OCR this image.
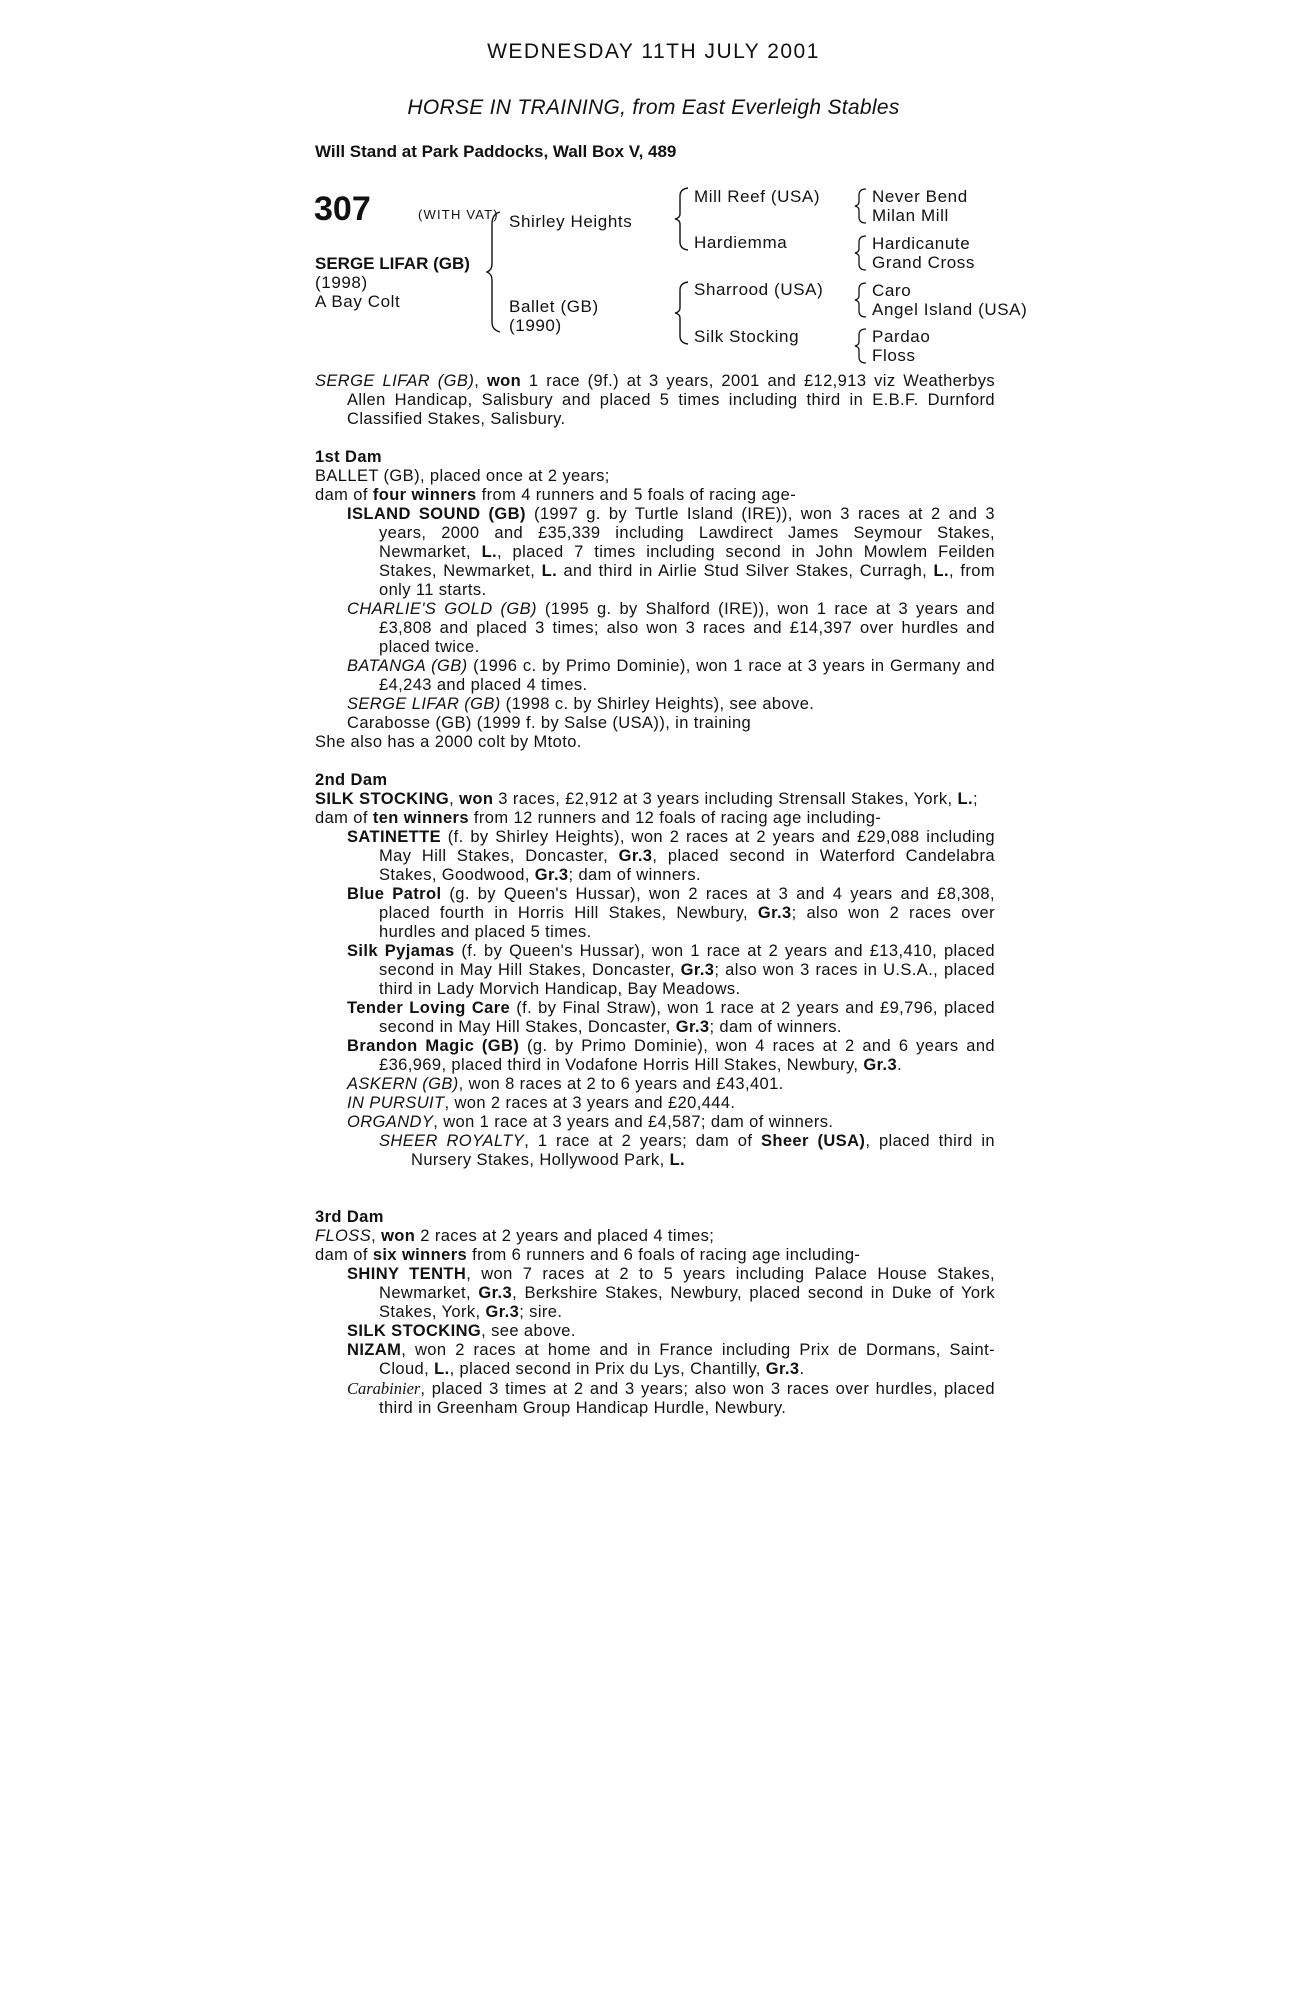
WEDNESDAY 11TH JULY 2001
HORSE IN TRAINING, from East Everleigh Stables
Will Stand at Park Paddocks, Wall Box V, 489
307	(WITH VAT)
SERGE LIFAR (GB)
(1998)
A Bay Colt
Shirley Heights
Ballet (GB)
(1990)
Mill Reef (USA)
Hardiemma
Sharrood (USA)
Silk Stocking
Never Bend
Milan Mill
Hardicanute
Grand Cross
Caro
Angel Island (USA)
Pardao
Floss

SERGE LIFAR (GB), won 1 race (9f.) at 3 years, 2001 and £12,913 viz Weatherbys Allen Handicap, Salisbury and placed 5 times including third in E.B.F. Durnford Classified Stakes, Salisbury.

1st Dam

BALLET (GB), placed once at 2 years;

dam of four winners from 4 runners and 5 foals of racing age-

ISLAND SOUND (GB) (1997 g. by Turtle Island (IRE)), won 3 races at 2 and 3 years, 2000 and £35,339 including Lawdirect James Seymour Stakes, Newmarket, L., placed 7 times including second in John Mowlem Feilden Stakes, Newmarket, L. and third in Airlie Stud Silver Stakes, Curragh, L., from only 11 starts.

CHARLIE'S GOLD (GB) (1995 g. by Shalford (IRE)), won 1 race at 3 years and £3,808 and placed 3 times; also won 3 races and £14,397 over hurdles and placed twice.

BATANGA (GB) (1996 c. by Primo Dominie), won 1 race at 3 years in Germany and £4,243 and placed 4 times.

SERGE LIFAR (GB) (1998 c. by Shirley Heights), see above.

Carabosse (GB) (1999 f. by Salse (USA)), in training

She also has a 2000 colt by Mtoto.

2nd Dam

SILK STOCKING, won 3 races, £2,912 at 3 years including Strensall Stakes, York, L.;

dam of ten winners from 12 runners and 12 foals of racing age including-

SATINETTE (f. by Shirley Heights), won 2 races at 2 years and £29,088 including May Hill Stakes, Doncaster, Gr.3, placed second in Waterford Candelabra Stakes, Goodwood, Gr.3; dam of winners.

Blue Patrol (g. by Queen's Hussar), won 2 races at 3 and 4 years and £8,308, placed fourth in Horris Hill Stakes, Newbury, Gr.3; also won 2 races over hurdles and placed 5 times.

Silk Pyjamas (f. by Queen's Hussar), won 1 race at 2 years and £13,410, placed second in May Hill Stakes, Doncaster, Gr.3; also won 3 races in U.S.A., placed third in Lady Morvich Handicap, Bay Meadows.

Tender Loving Care (f. by Final Straw), won 1 race at 2 years and £9,796, placed second in May Hill Stakes, Doncaster, Gr.3; dam of winners.

Brandon Magic (GB) (g. by Primo Dominie), won 4 races at 2 and 6 years and £36,969, placed third in Vodafone Horris Hill Stakes, Newbury, Gr.3.

ASKERN (GB), won 8 races at 2 to 6 years and £43,401.

IN PURSUIT, won 2 races at 3 years and £20,444.

ORGANDY, won 1 race at 3 years and £4,587; dam of winners.

SHEER ROYALTY, 1 race at 2 years; dam of Sheer (USA), placed third in Nursery Stakes, Hollywood Park, L.

3rd Dam

FLOSS, won 2 races at 2 years and placed 4 times;

dam of six winners from 6 runners and 6 foals of racing age including-

SHINY TENTH, won 7 races at 2 to 5 years including Palace House Stakes, Newmarket, Gr.3, Berkshire Stakes, Newbury, placed second in Duke of York Stakes, York, Gr.3; sire.

SILK STOCKING, see above.

NIZAM, won 2 races at home and in France including Prix de Dormans, Saint-Cloud, L., placed second in Prix du Lys, Chantilly, Gr.3.

Carabinier, placed 3 times at 2 and 3 years; also won 3 races over hurdles, placed third in Greenham Group Handicap Hurdle, Newbury.
